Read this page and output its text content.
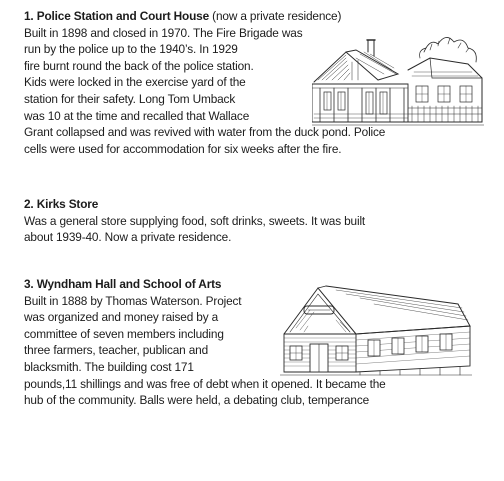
1. Police Station and Court House (now a private residence)
Built in 1898 and closed in 1970. The Fire Brigade was
run by the police up to the 1940’s. In 1929
fire burnt round the back of the police station.
Kids were locked in the exercise yard of the
station for their safety. Long Tom Umback
was 10 at the time and recalled that Wallace
Grant collapsed and was revived with water from the duck pond. Police
cells were used for accommodation for six weeks after the fire.
2. Kirks Store
Was a general store supplying food, soft drinks, sweets. It was built
about 1939-40. Now a private residence.
3. Wyndham Hall and School of Arts
Built in 1888 by Thomas Waterson. Project
was organized and money raised by a
committee of seven members including
three farmers, teacher, publican and
blacksmith. The building cost 171
pounds,11 shillings and was free of debt when it opened. It became the
hub of the community. Balls were held, a debating club, temperance
